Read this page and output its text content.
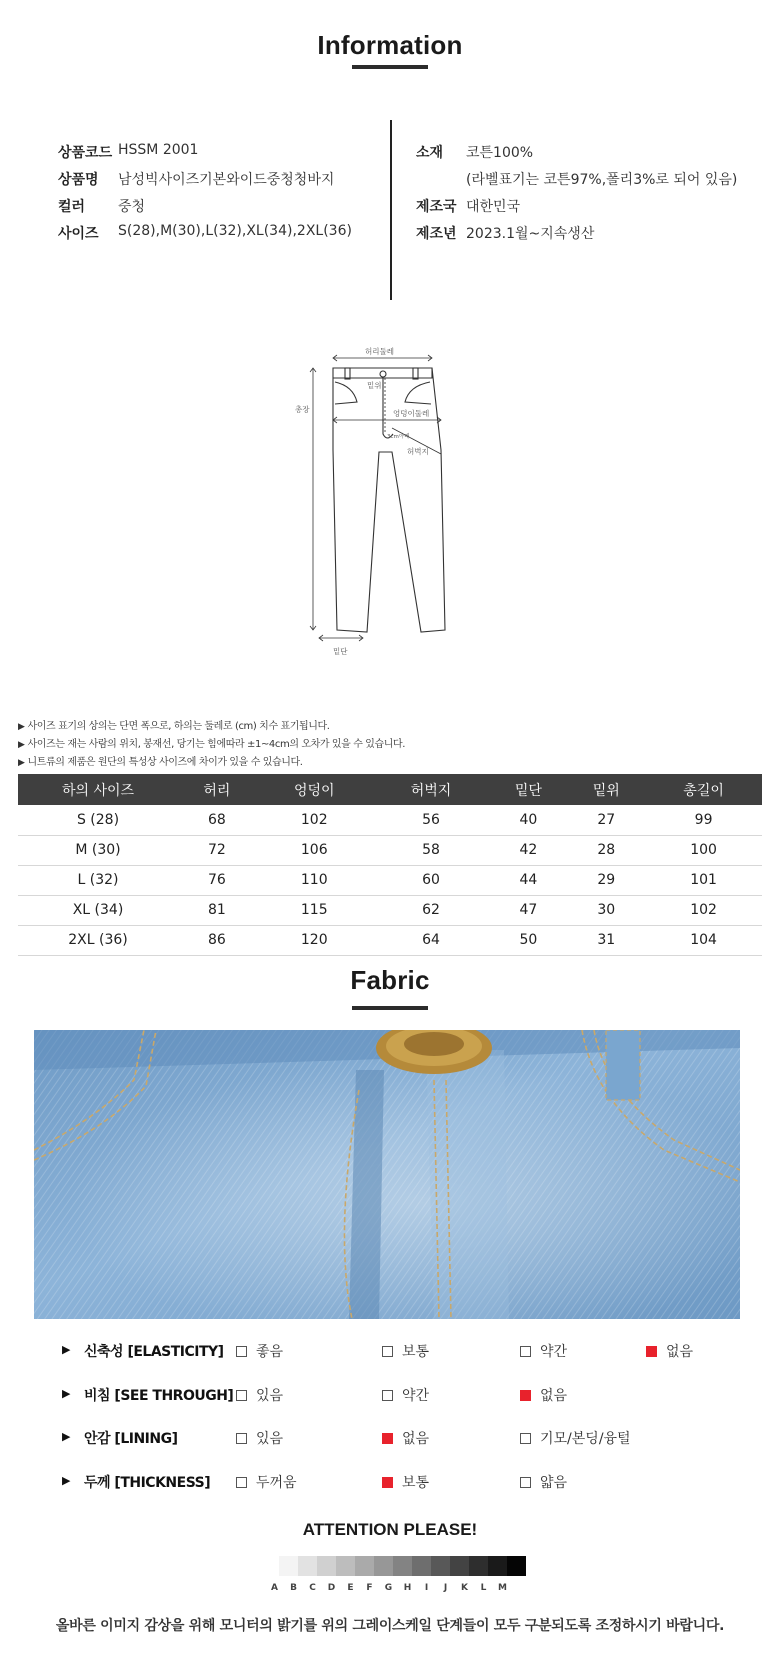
Information
상품코드 HSSM 2001
상품명 남성빅사이즈기본와이드중청청바지
컬러 중청
사이즈 S(28),M(30),L(32),XL(34),2XL(36)
소재 코튼100%
(라벨표기는 코튼97%,폴리3%로 되어 있음)
제조국 대한민국
제조년 2023.1월~지속생산
허리둘레
밑위
엉덩이둘레
3cm아래
허벅지
총장
밑단
▶ 사이즈 표기의 상의는 단면 폭으로, 하의는 둘레로 (cm) 치수 표기됩니다.
▶ 사이즈는 재는 사람의 위치, 봉재선, 당기는 힘에따라 ±1~4cm의 오차가 있을 수 있습니다.
▶ 니트류의 제품은 원단의 특성상 사이즈에 차이가 있을 수 있습니다.
하의 사이즈	허리	엉덩이	허벅지	밑단	밑위	총길이
S (28)	68	102	56	40	27	99
M (30)	72	106	58	42	28	100
L (32)	76	110	60	44	29	101
XL (34)	81	115	62	47	30	102
2XL (36)	86	120	64	50	31	104
Fabric
▶ 신축성 [ELASTICITY]	좋음	보통	약간	없음
▶ 비침 [SEE THROUGH]	있음	약간	없음
▶ 안감 [LINING]	있음	없음	기모/본딩/융털
▶ 두께 [THICKNESS]	두꺼움	보통	얇음
ATTENTION PLEASE!
A	B	C	D	E	F	G	H	I	J	K	L	M
올바른 이미지 감상을 위해 모니터의 밝기를 위의 그레이스케일 단계들이 모두 구분되도록 조정하시기 바랍니다.
